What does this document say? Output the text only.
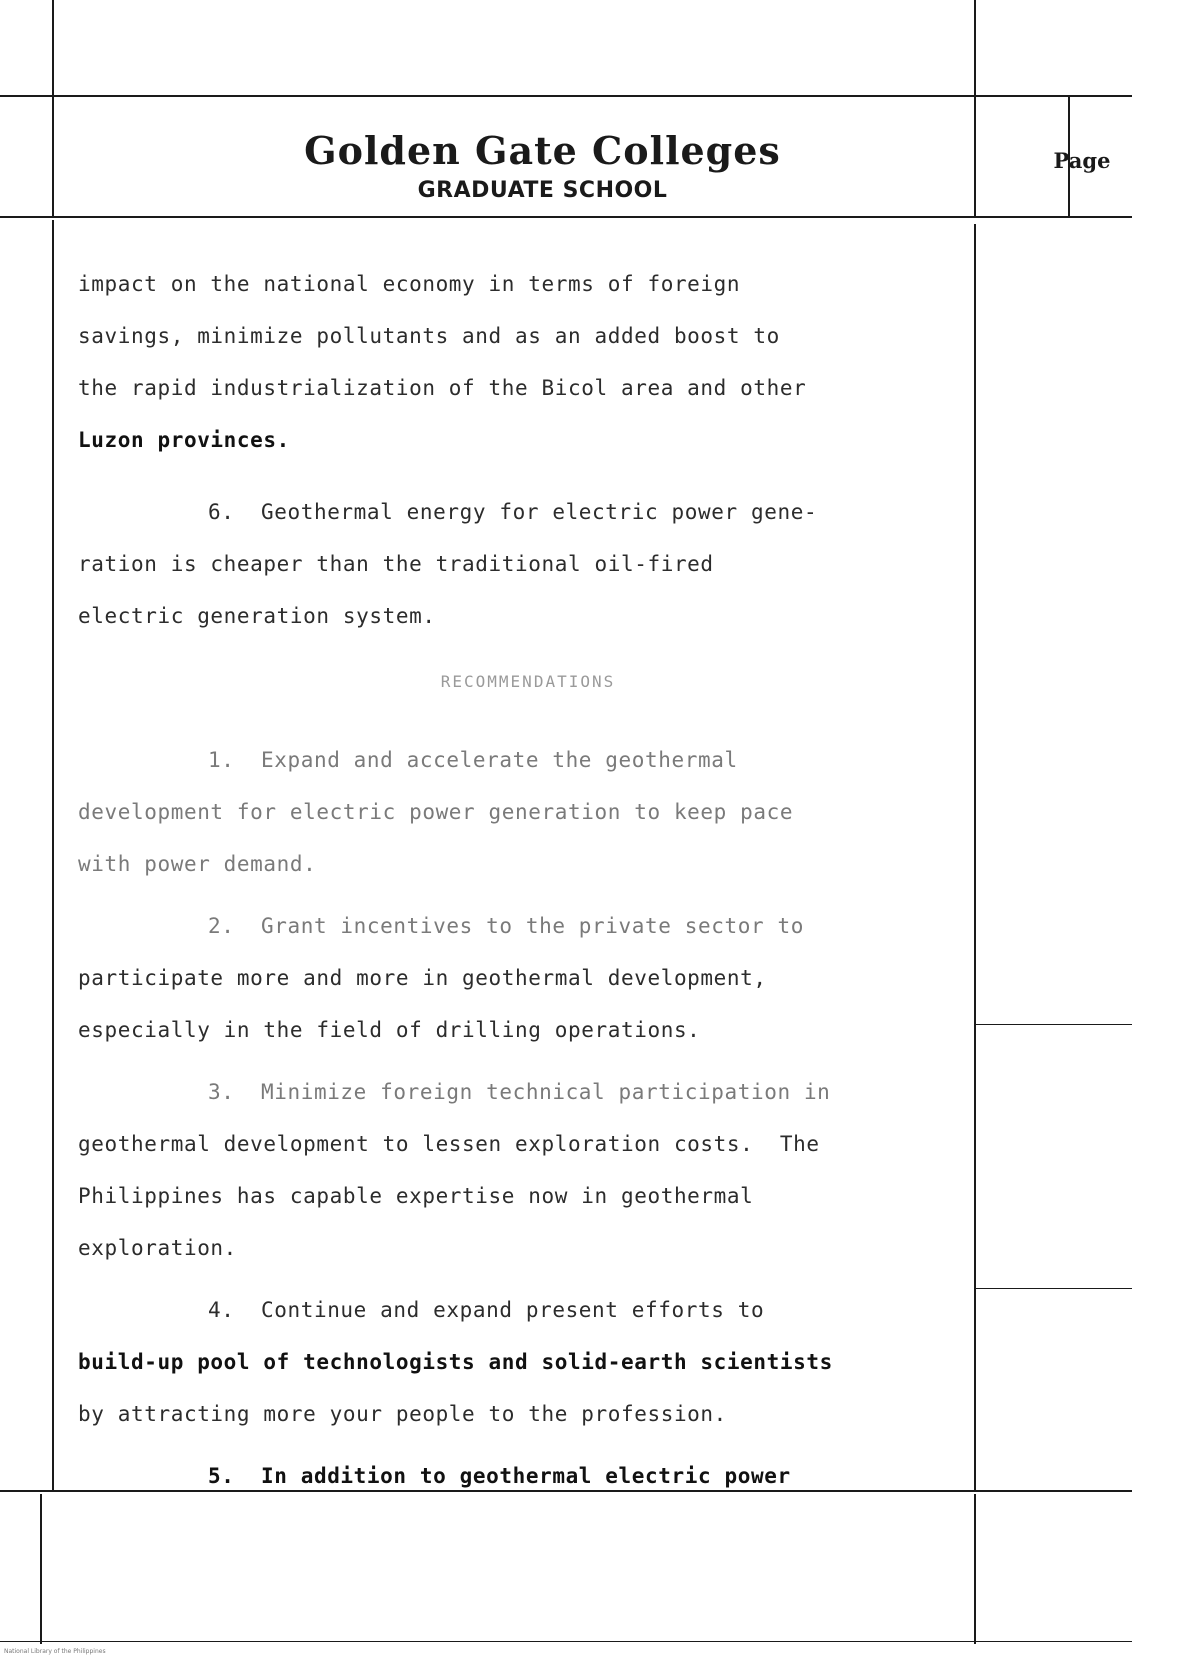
Golden Gate Colleges
GRADUATE SCHOOL
Page
impact on the national economy in terms of foreign
savings, minimize pollutants and as an added boost to
the rapid industrialization of the Bicol area and other
Luzon provinces.
6.  Geothermal energy for electric power gene-
ration is cheaper than the traditional oil-fired
electric generation system.
RECOMMENDATIONS
1.  Expand and accelerate the geothermal
development for electric power generation to keep pace
with power demand.
2.  Grant incentives to the private sector to
participate more and more in geothermal development,
especially in the field of drilling operations.
3.  Minimize foreign technical participation in
geothermal development to lessen exploration costs.  The
Philippines has capable expertise now in geothermal
exploration.
4.  Continue and expand present efforts to
build-up pool of technologists and solid-earth scientists
by attracting more your people to the profession.
5.  In addition to geothermal electric power
National Library of the Philippines
